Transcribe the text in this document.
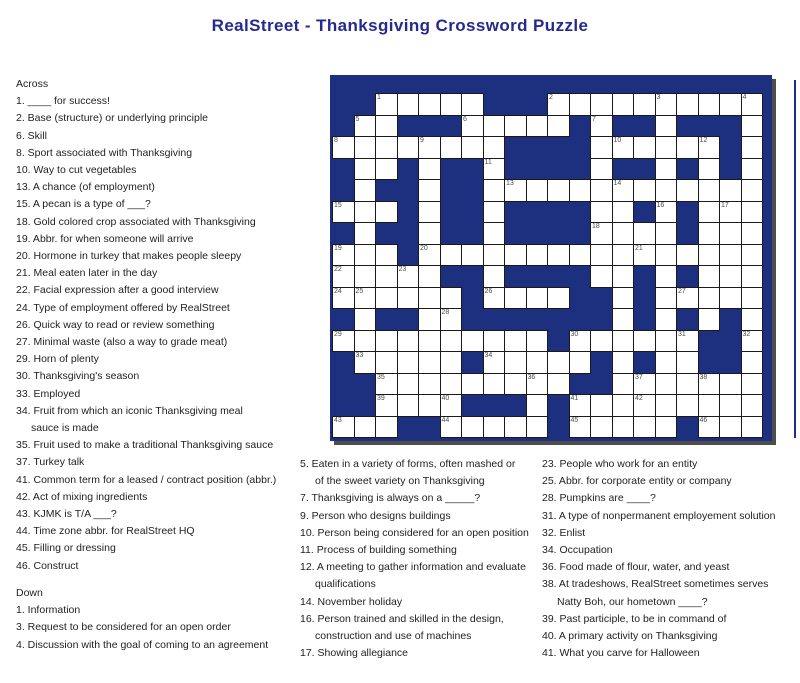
RealStreet - Thanksgiving Crossword Puzzle
1	2	3	4
5	6	7
8	9	10	12
11
13	14
15	16	17
18
19	20	21
22	23
24 25	26	27
28
29	30	31	32
33	34
35	36	37	38
39	40	41	42
43	44	45	46
Across
1. ____ for success!
2. Base (structure) or underlying principle
6. Skill
8. Sport associated with Thanksgiving
10. Way to cut vegetables
13. A chance (of employment)
15. A pecan is a type of ___?
18. Gold colored crop associated with Thanksgiving
19. Abbr. for when someone will arrive
20. Hormone in turkey that makes people sleepy
21. Meal eaten later in the day
22. Facial expression after a good interview
24. Type of employment offered by RealStreet
26. Quick way to read or review something
27. Minimal waste (also a way to grade meat)
29. Horn of plenty
30. Thanksgiving's season
33. Employed
34. Fruit from which an iconic Thanksgiving meal
sauce is made
35. Fruit used to make a traditional Thanksgiving sauce
37. Turkey talk
41. Common term for a leased / contract position (abbr.)
42. Act of mixing ingredients
43. KJMK is T/A ___?
44. Time zone abbr. for RealStreet HQ
45. Filling or dressing
46. Construct
Down
1. Information
3. Request to be considered for an open order
4. Discussion with the goal of coming to an agreement
5. Eaten in a variety of forms, often mashed or
of the sweet variety on Thanksgiving
7. Thanksgiving is always on a _____?
9. Person who designs buildings
10. Person being considered for an open position
11. Process of building something
12. A meeting to gather information and evaluate
qualifications
14. November holiday
16. Person trained and skilled in the design,
construction and use of machines
17. Showing allegiance
23. People who work for an entity
25. Abbr. for corporate entity or company
28. Pumpkins are ____?
31. A type of nonpermanent employement solution
32. Enlist
34. Occupation
36. Food made of flour, water, and yeast
38. At tradeshows, RealStreet sometimes serves
Natty Boh, our hometown ____?
39. Past participle, to be in command of
40. A primary activity on Thanksgiving
41. What you carve for Halloween
